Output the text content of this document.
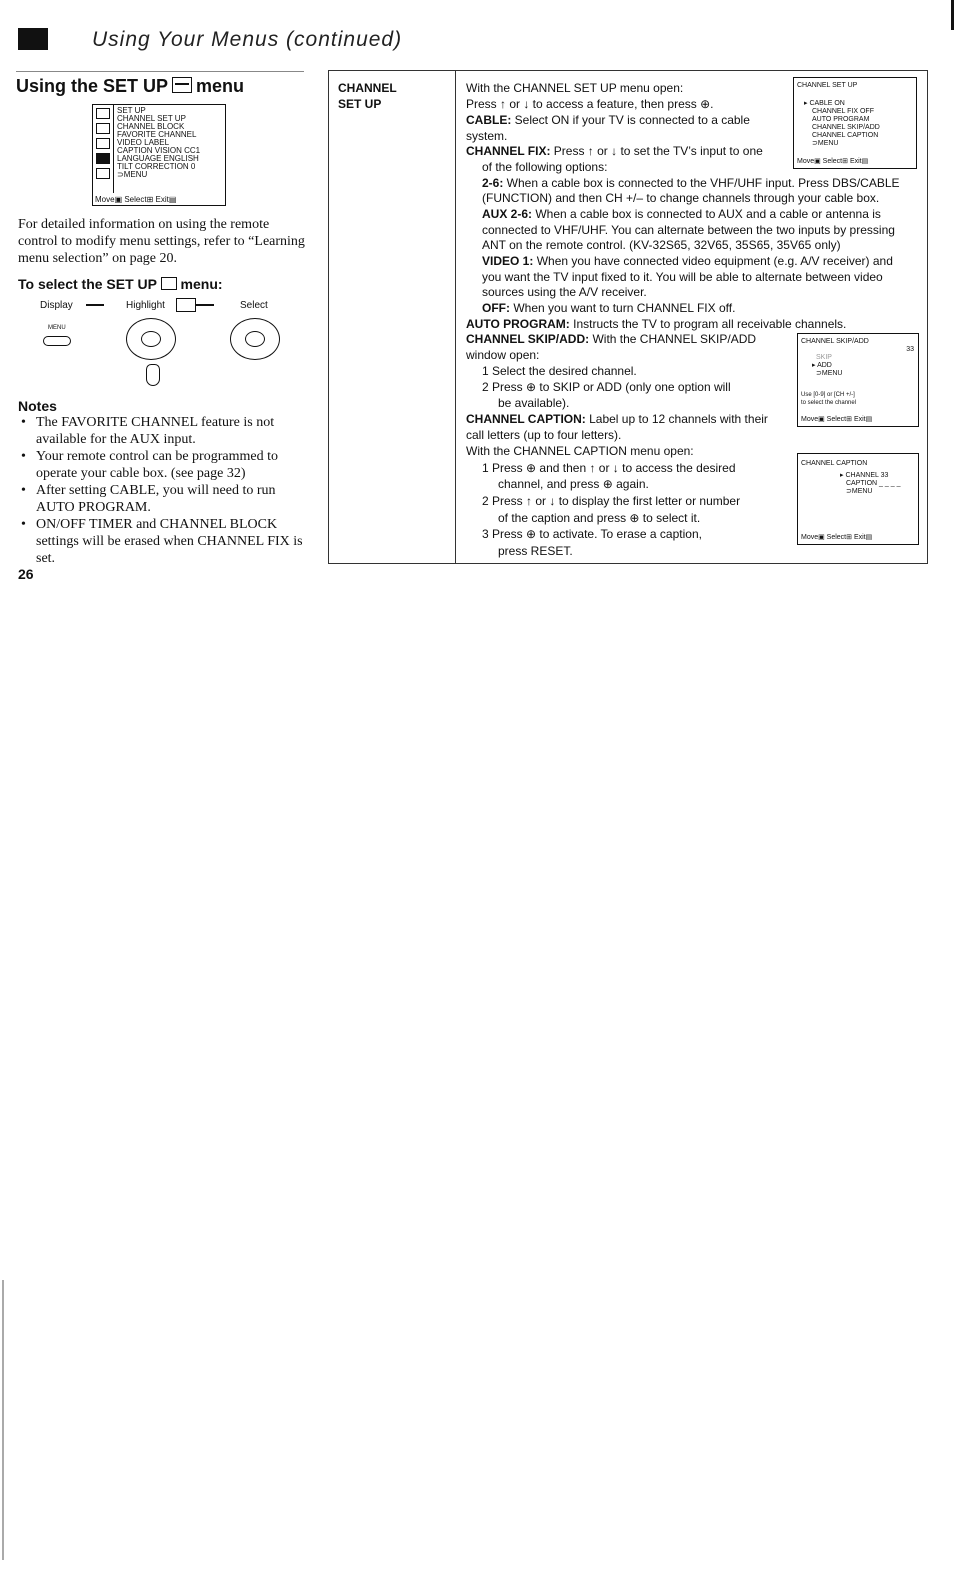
Using Your Menus (continued)
Using the SET UP menu
SET UP
CHANNEL SET UP
CHANNEL BLOCK
FAVORITE CHANNEL
VIDEO LABEL
CAPTION VISION CC1
LANGUAGE ENGLISH
TILT CORRECTION 0
⊃MENU
Move▣ Select⊞ Exit▤
For detailed information on using the remote control to modify menu settings, refer to “Learning menu selection” on page 20.
To select the SET UP menu:
Display	Highlight	Select
MENU
Notes
• The FAVORITE CHANNEL feature is not available for the AUX input.
• Your remote control can be programmed to operate your cable box. (see page 32)
• After setting CABLE, you will need to run AUTO PROGRAM.
• ON/OFF TIMER and CHANNEL BLOCK settings will be erased when CHANNEL FIX is set.
26
CHANNEL
SET UP

With the CHANNEL SET UP menu open:
Press ↑ or ↓ to access a feature, then press ⊕.
CABLE: Select ON if your TV is connected to a cable
system.
CHANNEL FIX: Press ↑ or ↓ to set the TV’s input to one
of the following options:
2-6: When a cable box is connected to the VHF/UHF input. Press DBS/CABLE
(FUNCTION) and then CH +/– to change channels through your cable box.
AUX 2-6: When a cable box is connected to AUX and a cable or antenna is
connected to VHF/UHF. You can alternate between the two inputs by pressing
ANT on the remote control. (KV-32S65, 32V65, 35S65, 35V65 only)
VIDEO 1: When you have connected video equipment (e.g. A/V receiver) and
you want the TV input fixed to it. You will be able to alternate between video
sources using the A/V receiver.
OFF: When you want to turn CHANNEL FIX off.
AUTO PROGRAM: Instructs the TV to program all receivable channels.
CHANNEL SKIP/ADD: With the CHANNEL SKIP/ADD
window open:
1 Select the desired channel.
2 Press ⊕ to SKIP or ADD (only one option will
be available).
CHANNEL CAPTION: Label up to 12 channels with their
call letters (up to four letters).
With the CHANNEL CAPTION menu open:
1 Press ⊕ and then ↑ or ↓ to access the desired
channel, and press ⊕ again.
2 Press ↑ or ↓ to display the first letter or number
of the caption and press ⊕ to select it.
3 Press ⊕ to activate. To erase a caption,
press RESET.
CHANNEL SET UP
▸ CABLE ON
CHANNEL FIX OFF
AUTO PROGRAM
CHANNEL SKIP/ADD
CHANNEL CAPTION
⊃MENU
Move▣ Select⊞ Exit▤
CHANNEL SKIP/ADD
33
SKIP
▸ ADD
⊃MENU
Use [0-9] or [CH +/-]
to select the channel
Move▣ Select⊞ Exit▤
CHANNEL CAPTION
▸ CHANNEL 33
CAPTION _ _ _ _
⊃MENU
Move▣ Select⊞ Exit▤
